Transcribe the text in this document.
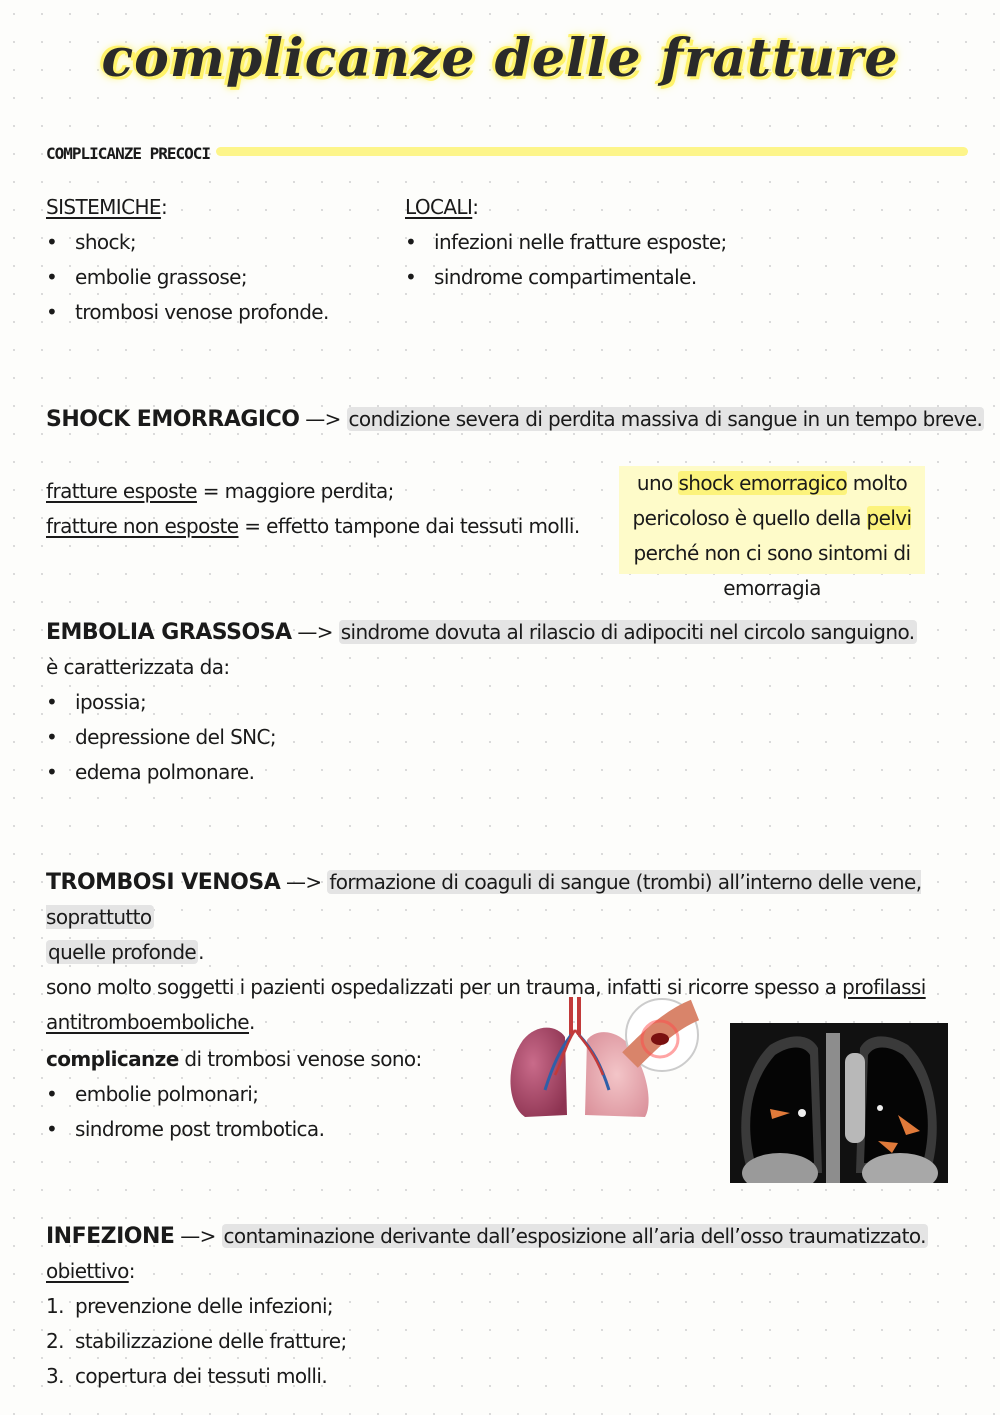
complicanze delle fratture
COMPLICANZE PRECOCI
SISTEMICHE:
• shock;
• embolie grassose;
• trombosi venose profonde.
LOCALI:
• infezioni nelle fratture esposte;
• sindrome compartimentale.
SHOCK EMORRAGICO —> condizione severa di perdita massiva di sangue in un tempo breve.
fratture esposte = maggiore perdita;
fratture non esposte = effetto tampone dai tessuti molli.
uno shock emorragico molto pericoloso è quello della pelvi perché non ci sono sintomi di emorragia
EMBOLIA GRASSOSA —> sindrome dovuta al rilascio di adipociti nel circolo sanguigno.
è caratterizzata da:
• ipossia;
• depressione del SNC;
• edema polmonare.
TROMBOSI VENOSA —> formazione di coaguli di sangue (trombi) all’interno delle vene, soprattutto
quelle profonde .
sono molto soggetti i pazienti ospedalizzati per un trauma, infatti si ricorre spesso a profilassi
antitromboemboliche.
complicanze di trombosi venose sono:
• embolie polmonari;
• sindrome post trombotica.
INFEZIONE —> contaminazione derivante dall’esposizione all’aria dell’osso traumatizzato.
obiettivo:
1. prevenzione delle infezioni;
2. stabilizzazione delle fratture;
3. copertura dei tessuti molli.
